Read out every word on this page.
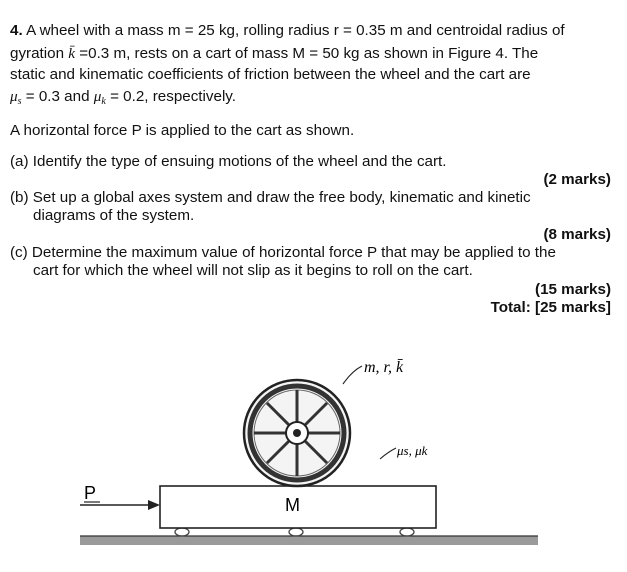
4. A wheel with a mass m = 25 kg, rolling radius r = 0.35 m and centroidal radius of
gyration k̄ =0.3 m, rests on a cart of mass M = 50 kg as shown in Figure 4. The
static and kinematic coefficients of friction between the wheel and the cart are
$\mu_s = 0.3$ and $\mu_k = 0.2$, respectively.
A horizontal force P is applied to the cart as shown.
(a) Identify the type of ensuing motions of the wheel and the cart.
(2 marks)
(b) Set up a global axes system and draw the free body, kinematic and kinetic
diagrams of the system.
(8 marks)
(c) Determine the maximum value of horizontal force P that may be applied to the
cart for which the wheel will not slip as it begins to roll on the cart.
(15 marks)
Total: [25 marks]
M
P
m, r, k̄
μs, μk
